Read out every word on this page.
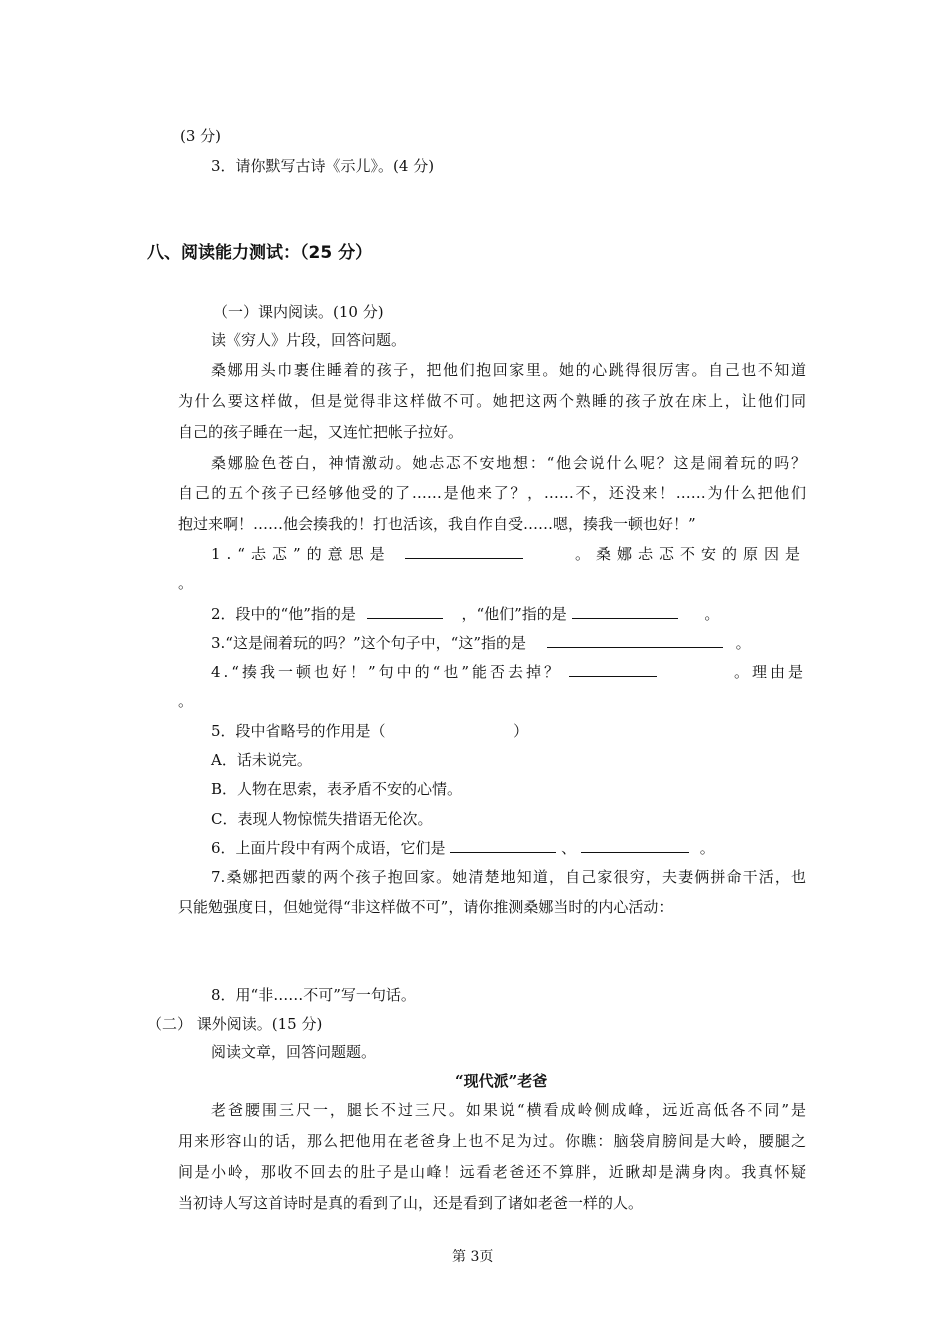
(3 分)
3．请你默写古诗《示儿》。(4 分)
八、阅读能力测试：（25 分）
（一）课内阅读。(10 分)
读《穷人》片段，回答问题。
桑娜用头巾裹住睡着的孩子，把他们抱回家里。她的心跳得很厉害。自己也不知道
为什么要这样做，但是觉得非这样做不可。她把这两个熟睡的孩子放在床上，让他们同
自己的孩子睡在一起，又连忙把帐子拉好。
桑娜脸色苍白，神情激动。她忐忑不安地想：“他会说什么呢？这是闹着玩的吗？
自己的五个孩子已经够他受的了……是他来了？，……不，还没来！……为什么把他们
抱过来啊！……他会揍我的！打也活该，我自作自受……嗯，揍我一顿也好！”
1.“忐忑”的意思是	。桑娜忐忑不安的原因是
。
2．段中的“他”指的是	，“他们”指的是	。
3.“这是闹着玩的吗？”这个句子中，“这”指的是	。
4.“揍我一顿也好！”句中的“也”能否去掉？	。理由是
。
5．段中省略号的作用是（	）
A．话未说完。
B．人物在思索，表矛盾不安的心情。
C．表现人物惊慌失措语无伦次。
6．上面片段中有两个成语，它们是	、	。
7.桑娜把西蒙的两个孩子抱回家。她清楚地知道，自己家很穷，夫妻俩拼命干活，也
只能勉强度日，但她觉得“非这样做不可”，请你推测桑娜当时的内心活动：
8．用“非……不可”写一句话。
（二） 课外阅读。(15 分)
阅读文章，回答问题题。
“现代派”老爸
老爸腰围三尺一，腿长不过三尺。如果说“横看成岭侧成峰，远近高低各不同”是
用来形容山的话，那么把他用在老爸身上也不足为过。你瞧：脑袋肩膀间是大岭，腰腿之
间是小岭，那收不回去的肚子是山峰！远看老爸还不算胖，近瞅却是满身肉。我真怀疑
当初诗人写这首诗时是真的看到了山，还是看到了诸如老爸一样的人。
第 3页
